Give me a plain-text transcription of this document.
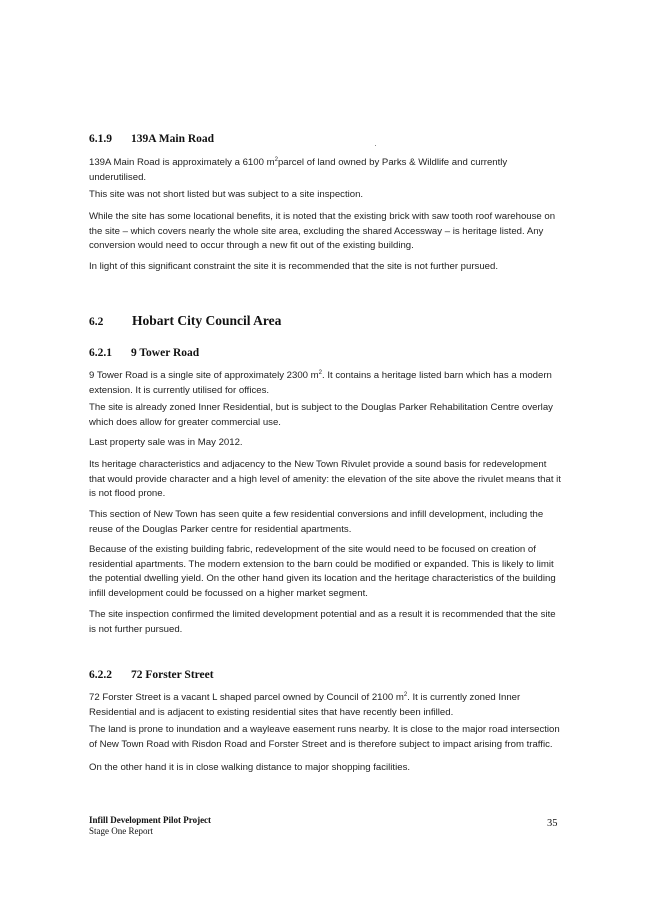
6.1.9 139A Main Road

139A Main Road is approximately a 6100 $m^2parcel$ of land owned by Parks & Wildlife and currently underutilised.

This site was not short listed but was subject to a site inspection.

While the site has some locational benefits, it is noted that the existing brick with saw tooth roof warehouse on the site – which covers nearly the whole site area, excluding the shared Accessway – is heritage listed. Any conversion would need to occur through a new fit out of the existing building.

In light of this significant constraint the site it is recommended that the site is not further pursued.

6.2 Hobart City Council Area
6.2.1 9 Tower Road

9 Tower Road is a single site of approximately 2300 $m^2$. It contains a heritage listed barn which has a modern extension. It is currently utilised for offices.

The site is already zoned Inner Residential, but is subject to the Douglas Parker Rehabilitation Centre overlay which does allow for greater commercial use.

Last property sale was in May 2012.

Its heritage characteristics and adjacency to the New Town Rivulet provide a sound basis for redevelopment that would provide character and a high level of amenity: the elevation of the site above the rivulet means that it is not flood prone.

This section of New Town has seen quite a few residential conversions and infill development, including the reuse of the Douglas Parker centre for residential apartments.

Because of the existing building fabric, redevelopment of the site would need to be focused on creation of residential apartments. The modern extension to the barn could be modified or expanded. This is likely to limit the potential dwelling yield. On the other hand given its location and the heritage characteristics of the building infill development could be focussed on a higher market segment.

The site inspection confirmed the limited development potential and as a result it is recommended that the site is not further pursued.

6.2.2 72 Forster Street

72 Forster Street is a vacant L shaped parcel owned by Council of 2100 $m^2$. It is currently zoned Inner Residential and is adjacent to existing residential sites that have recently been infilled.

The land is prone to inundation and a wayleave easement runs nearby. It is close to the major road intersection of New Town Road with Risdon Road and Forster Street and is therefore subject to impact arising from traffic.

On the other hand it is in close walking distance to major shopping facilities.

Infill Development Pilot Project
Stage One Report
35
